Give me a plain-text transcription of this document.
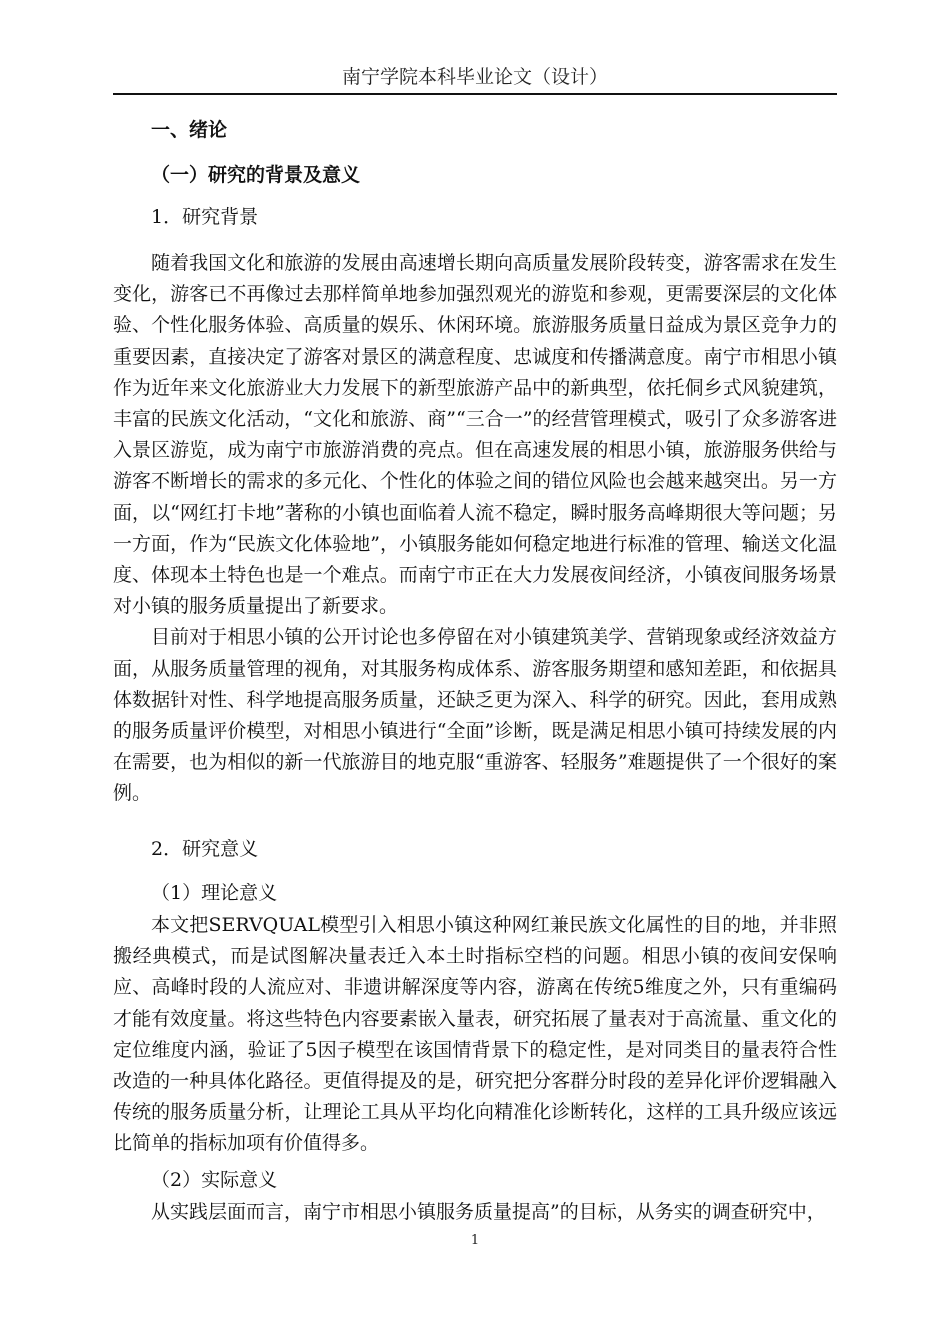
南宁学院本科毕业论文（设计）
一、绪论
（一）研究的背景及意义
1．研究背景

随着我国文化和旅游的发展由高速增长期向高质量发展阶段转变，游客需求在发生变化，游客已不再像过去那样简单地参加强烈观光的游览和参观，更需要深层的文化体验、个性化服务体验、高质量的娱乐、休闲环境。旅游服务质量日益成为景区竞争力的重要因素，直接决定了游客对景区的满意程度、忠诚度和传播满意度。南宁市相思小镇作为近年来文化旅游业大力发展下的新型旅游产品中的新典型，依托侗乡式风貌建筑，丰富的民族文化活动，“文化和旅游、商”“三合一”的经营管理模式，吸引了众多游客进入景区游览，成为南宁市旅游消费的亮点。但在高速发展的相思小镇，旅游服务供给与游客不断增长的需求的多元化、个性化的体验之间的错位风险也会越来越突出。另一方面，以“网红打卡地”著称的小镇也面临着人流不稳定，瞬时服务高峰期很大等问题；另一方面，作为“民族文化体验地”，小镇服务能如何稳定地进行标准的管理、输送文化温度、体现本土特色也是一个难点。而南宁市正在大力发展夜间经济，小镇夜间服务场景对小镇的服务质量提出了新要求。

目前对于相思小镇的公开讨论也多停留在对小镇建筑美学、营销现象或经济效益方面，从服务质量管理的视角，对其服务构成体系、游客服务期望和感知差距，和依据具体数据针对性、科学地提高服务质量，还缺乏更为深入、科学的研究。因此，套用成熟的服务质量评价模型，对相思小镇进行“全面”诊断，既是满足相思小镇可持续发展的内在需要，也为相似的新一代旅游目的地克服“重游客、轻服务”难题提供了一个很好的案例。

2．研究意义
（1）理论意义

本文把SERVQUAL模型引入相思小镇这种网红兼民族文化属性的目的地，并非照搬经典模式，而是试图解决量表迁入本土时指标空档的问题。相思小镇的夜间安保响应、高峰时段的人流应对、非遗讲解深度等内容，游离在传统5维度之外，只有重编码才能有效度量。将这些特色内容要素嵌入量表，研究拓展了量表对于高流量、重文化的定位维度内涵，验证了5因子模型在该国情背景下的稳定性，是对同类目的量表符合性改造的一种具体化路径。更值得提及的是，研究把分客群分时段的差异化评价逻辑融入传统的服务质量分析，让理论工具从平均化向精准化诊断转化，这样的工具升级应该远比简单的指标加项有价值得多。

（2）实际意义

从实践层面而言，南宁市相思小镇服务质量提高”的目标，从务实的调查研究中，

1
